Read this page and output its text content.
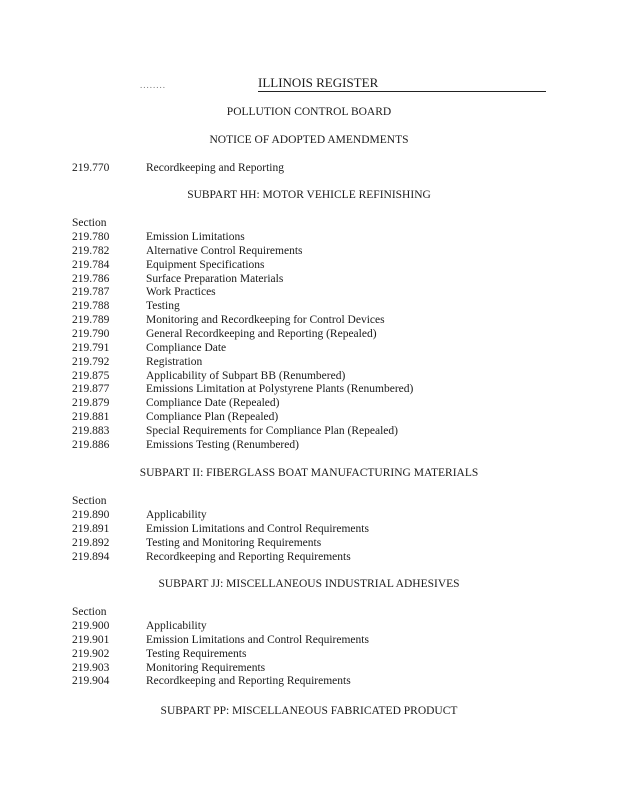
........	ILLINOIS REGISTER
POLLUTION CONTROL BOARD
NOTICE OF ADOPTED AMENDMENTS
219.770	Recordkeeping and Reporting
SUBPART HH: MOTOR VEHICLE REFINISHING
Section
219.780	Emission Limitations
219.782	Alternative Control Requirements
219.784	Equipment Specifications
219.786	Surface Preparation Materials
219.787	Work Practices
219.788	Testing
219.789	Monitoring and Recordkeeping for Control Devices
219.790	General Recordkeeping and Reporting (Repealed)
219.791	Compliance Date
219.792	Registration
219.875	Applicability of Subpart BB (Renumbered)
219.877	Emissions Limitation at Polystyrene Plants (Renumbered)
219.879	Compliance Date (Repealed)
219.881	Compliance Plan (Repealed)
219.883	Special Requirements for Compliance Plan (Repealed)
219.886	Emissions Testing (Renumbered)
SUBPART II: FIBERGLASS BOAT MANUFACTURING MATERIALS
Section
219.890	Applicability
219.891	Emission Limitations and Control Requirements
219.892	Testing and Monitoring Requirements
219.894	Recordkeeping and Reporting Requirements
SUBPART JJ: MISCELLANEOUS INDUSTRIAL ADHESIVES
Section
219.900	Applicability
219.901	Emission Limitations and Control Requirements
219.902	Testing Requirements
219.903	Monitoring Requirements
219.904	Recordkeeping and Reporting Requirements
SUBPART PP: MISCELLANEOUS FABRICATED PRODUCT
